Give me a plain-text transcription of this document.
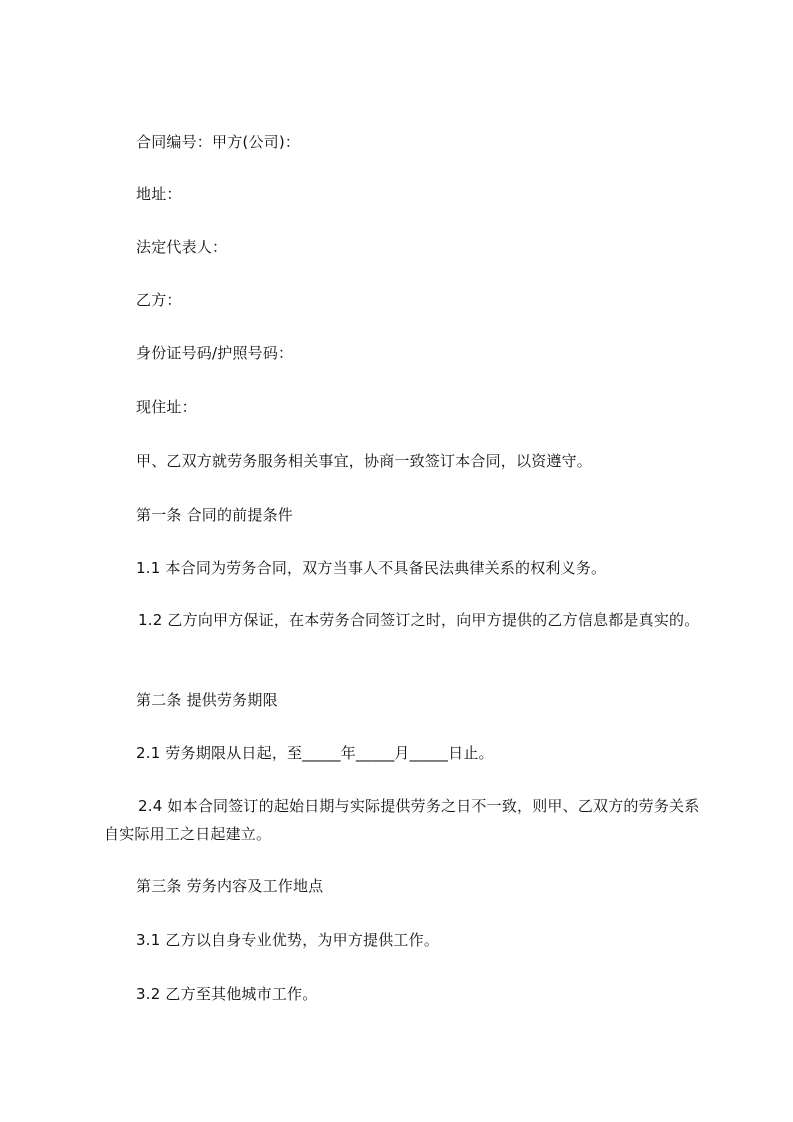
合同编号：甲方(公司)：
地址：
法定代表人：
乙方：
身份证号码/护照号码：
现住址：
甲、乙双方就劳务服务相关事宜，协商一致签订本合同，以资遵守。
第一条 合同的前提条件
1.1 本合同为劳务合同，双方当事人不具备民法典律关系的权利义务。
1.2 乙方向甲方保证，在本劳务合同签订之时，向甲方提供的乙方信息都是真实的。
第二条 提供劳务期限
2.1 劳务期限从日起，至_____年_____月_____日止。
2.4 如本合同签订的起始日期与实际提供劳务之日不一致，则甲、乙双方的劳务关系自实际用工之日起建立。
第三条 劳务内容及工作地点
3.1 乙方以自身专业优势，为甲方提供工作。
3.2 乙方至其他城市工作。
